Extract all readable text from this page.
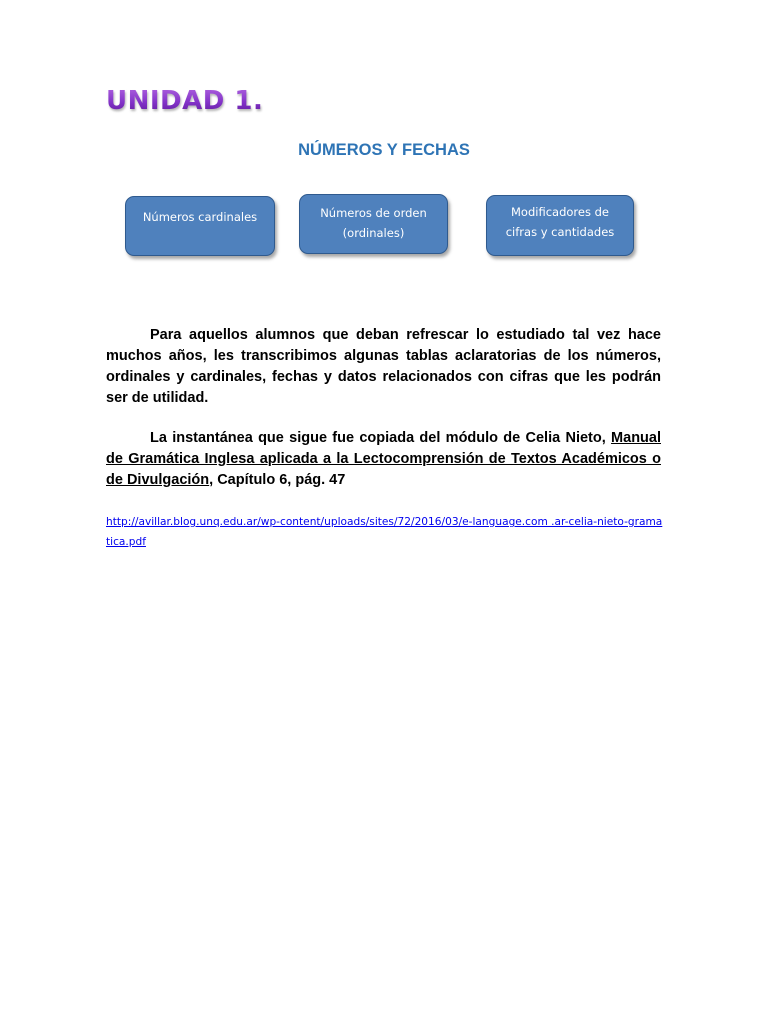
UNIDAD 1.
NÚMEROS Y FECHAS
Números cardinales	Números de orden
(ordinales)
Modificadores de
cifras y cantidades

Para aquellos alumnos que deban refrescar lo estudiado tal vez hace muchos años, les transcribimos algunas tablas aclaratorias de los números, ordinales y cardinales, fechas y datos relacionados con cifras que les podrán ser de utilidad.

La instantánea que sigue fue copiada del módulo de Celia Nieto, Manual de Gramática Inglesa aplicada a la Lectocomprensión de Textos Académicos o de Divulgación, Capítulo 6, pág. 47

http://avillar.blog.unq.edu.ar/wp-content/uploads/sites/72/2016/03/e-language.com .ar-celia-nieto-gramatica.pdf
